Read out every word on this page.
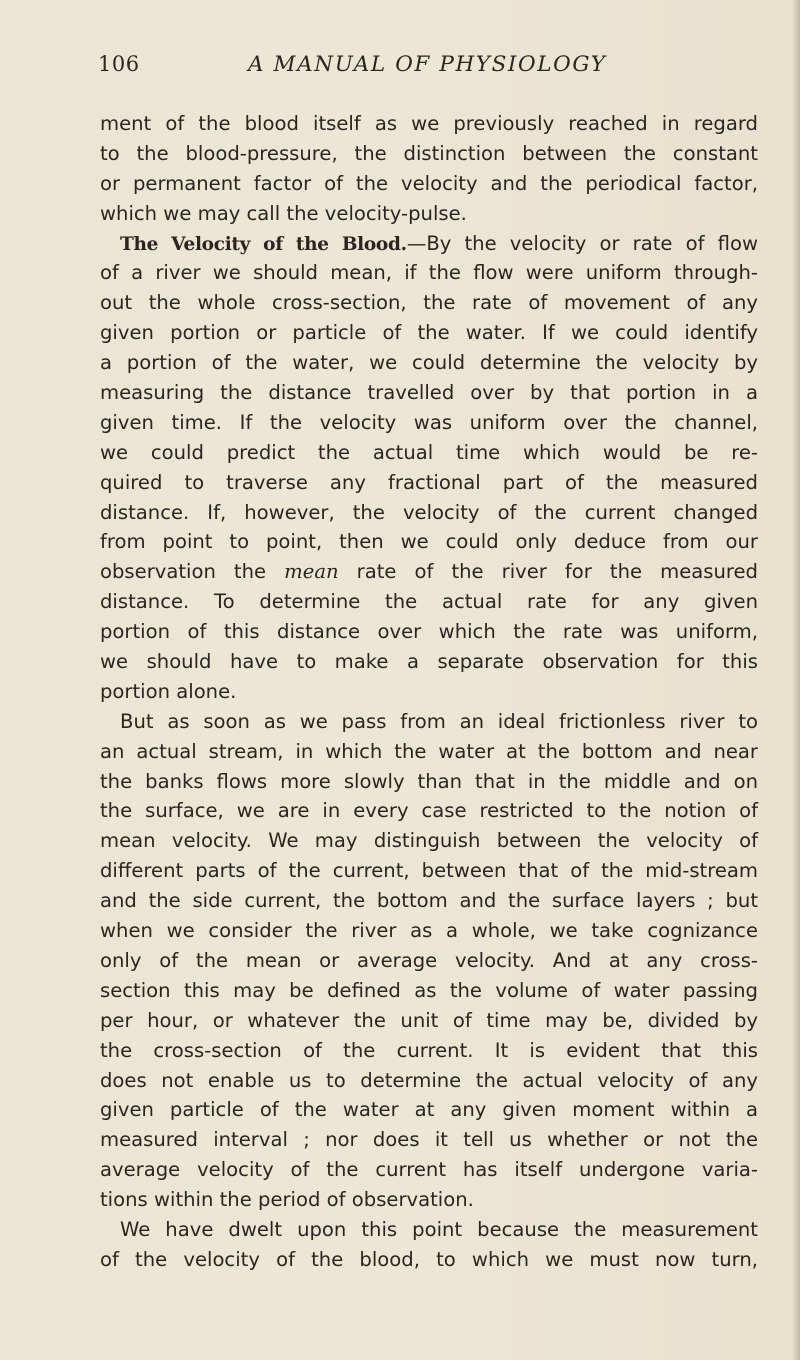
106	A MANUAL OF PHYSIOLOGY
ment of the blood itself as we previously reached in regard
to the blood-pressure, the distinction between the constant
or permanent factor of the velocity and the periodical factor,
which we may call the velocity-pulse.
The Velocity of the Blood.—By the velocity or rate of flow
of a river we should mean, if the flow were uniform through-
out the whole cross-section, the rate of movement of any
given portion or particle of the water. If we could identify
a portion of the water, we could determine the velocity by
measuring the distance travelled over by that portion in a
given time. If the velocity was uniform over the channel,
we could predict the actual time which would be re-
quired to traverse any fractional part of the measured
distance. If, however, the velocity of the current changed
from point to point, then we could only deduce from our
observation the mean rate of the river for the measured
distance. To determine the actual rate for any given
portion of this distance over which the rate was uniform,
we should have to make a separate observation for this
portion alone.
But as soon as we pass from an ideal frictionless river to
an actual stream, in which the water at the bottom and near
the banks flows more slowly than that in the middle and on
the surface, we are in every case restricted to the notion of
mean velocity. We may distinguish between the velocity of
different parts of the current, between that of the mid-stream
and the side current, the bottom and the surface layers ; but
when we consider the river as a whole, we take cognizance
only of the mean or average velocity. And at any cross-
section this may be defined as the volume of water passing
per hour, or whatever the unit of time may be, divided by
the cross-section of the current. It is evident that this
does not enable us to determine the actual velocity of any
given particle of the water at any given moment within a
measured interval ; nor does it tell us whether or not the
average velocity of the current has itself undergone varia-
tions within the period of observation.
We have dwelt upon this point because the measurement
of the velocity of the blood, to which we must now turn,
